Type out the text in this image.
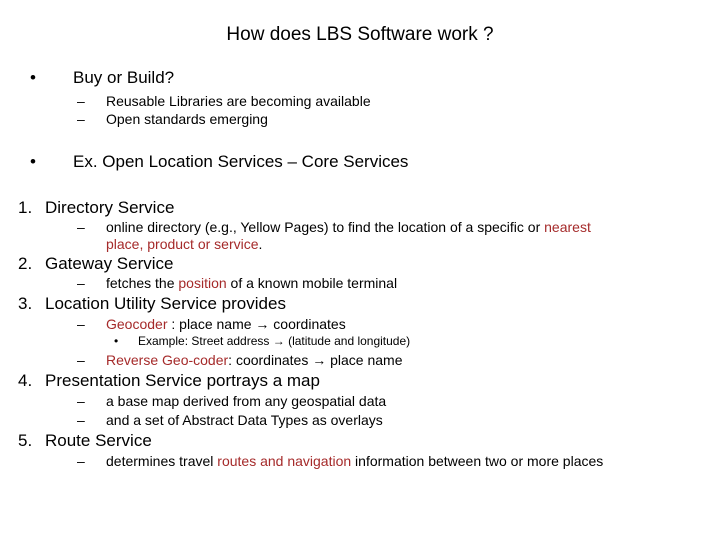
How does LBS Software work ?
• Buy or Build?
– Reusable Libraries are becoming available
– Open standards emerging
• Ex. Open Location Services – Core Services
1. Directory Service
– online directory (e.g., Yellow Pages) to find the location of a specific or nearest
place, product or service.
2. Gateway Service
– fetches the position of a known mobile terminal
3. Location Utility Service provides
– Geocoder : place name → coordinates
• Example: Street address → (latitude and longitude)
– Reverse Geo-coder: coordinates → place name
4. Presentation Service portrays a map
– a base map derived from any geospatial data
– and a set of Abstract Data Types as overlays
5. Route Service
– determines travel routes and navigation information between two or more places
